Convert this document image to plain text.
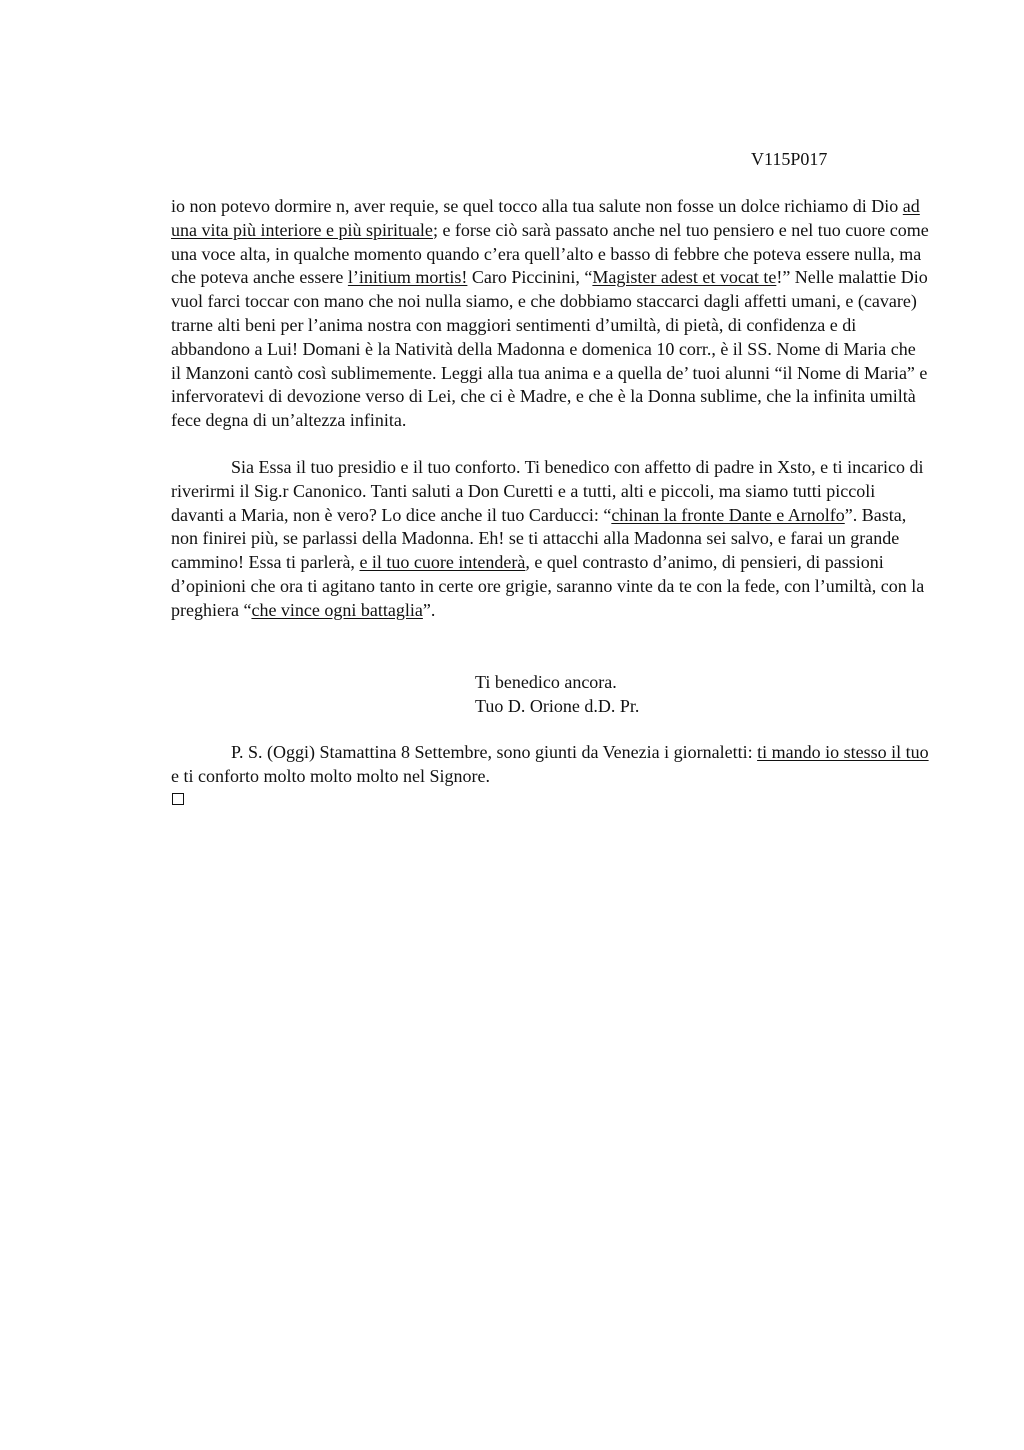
V115P017

io non potevo dormire n, aver requie, se quel tocco alla tua salute non fosse un dolce richiamo di Dio ad una vita più interiore e più spirituale; e forse ciò sarà passato anche nel tuo pensiero e nel tuo cuore come una voce alta, in qualche momento quando c’era quell’alto e basso di febbre che poteva essere nulla, ma che poteva anche essere l’initium mortis! Caro Piccinini, “Magister adest et vocat te!” Nelle malattie Dio vuol farci toccar con mano che noi nulla siamo, e che dobbiamo staccarci dagli affetti umani, e (cavare) trarne alti beni per l’anima nostra con maggiori sentimenti d’umiltà, di pietà, di confidenza e di abbandono a Lui! Domani è la Natività della Madonna e domenica 10 corr., è il SS. Nome di Maria che il Manzoni cantò così sublimemente. Leggi alla tua anima e a quella de’ tuoi alunni “il Nome di Maria” e infervoratevi di devozione verso di Lei, che ci è Madre, e che è la Donna sublime, che la infinita umiltà fece degna di un’altezza infinita.

Sia Essa il tuo presidio e il tuo conforto. Ti benedico con affetto di padre in Xsto, e ti incarico di riverirmi il Sig.r Canonico. Tanti saluti a Don Curetti e a tutti, alti e piccoli, ma siamo tutti piccoli davanti a Maria, non è vero? Lo dice anche il tuo Carducci: “chinan la fronte Dante e Arnolfo”. Basta, non finirei più, se parlassi della Madonna. Eh! se ti attacchi alla Madonna sei salvo, e farai un grande cammino! Essa ti parlerà, e il tuo cuore intenderà, e quel contrasto d’animo, di pensieri, di passioni d’opinioni che ora ti agitano tanto in certe ore grigie, saranno vinte da te con la fede, con l’umiltà, con la preghiera “che vince ogni battaglia”.

Ti benedico ancora.
Tuo D. Orione d.D. Pr.

P. S. (Oggi) Stamattina 8 Settembre, sono giunti da Venezia i giornaletti: ti mando io stesso il tuo e ti conforto molto molto molto nel Signore.
